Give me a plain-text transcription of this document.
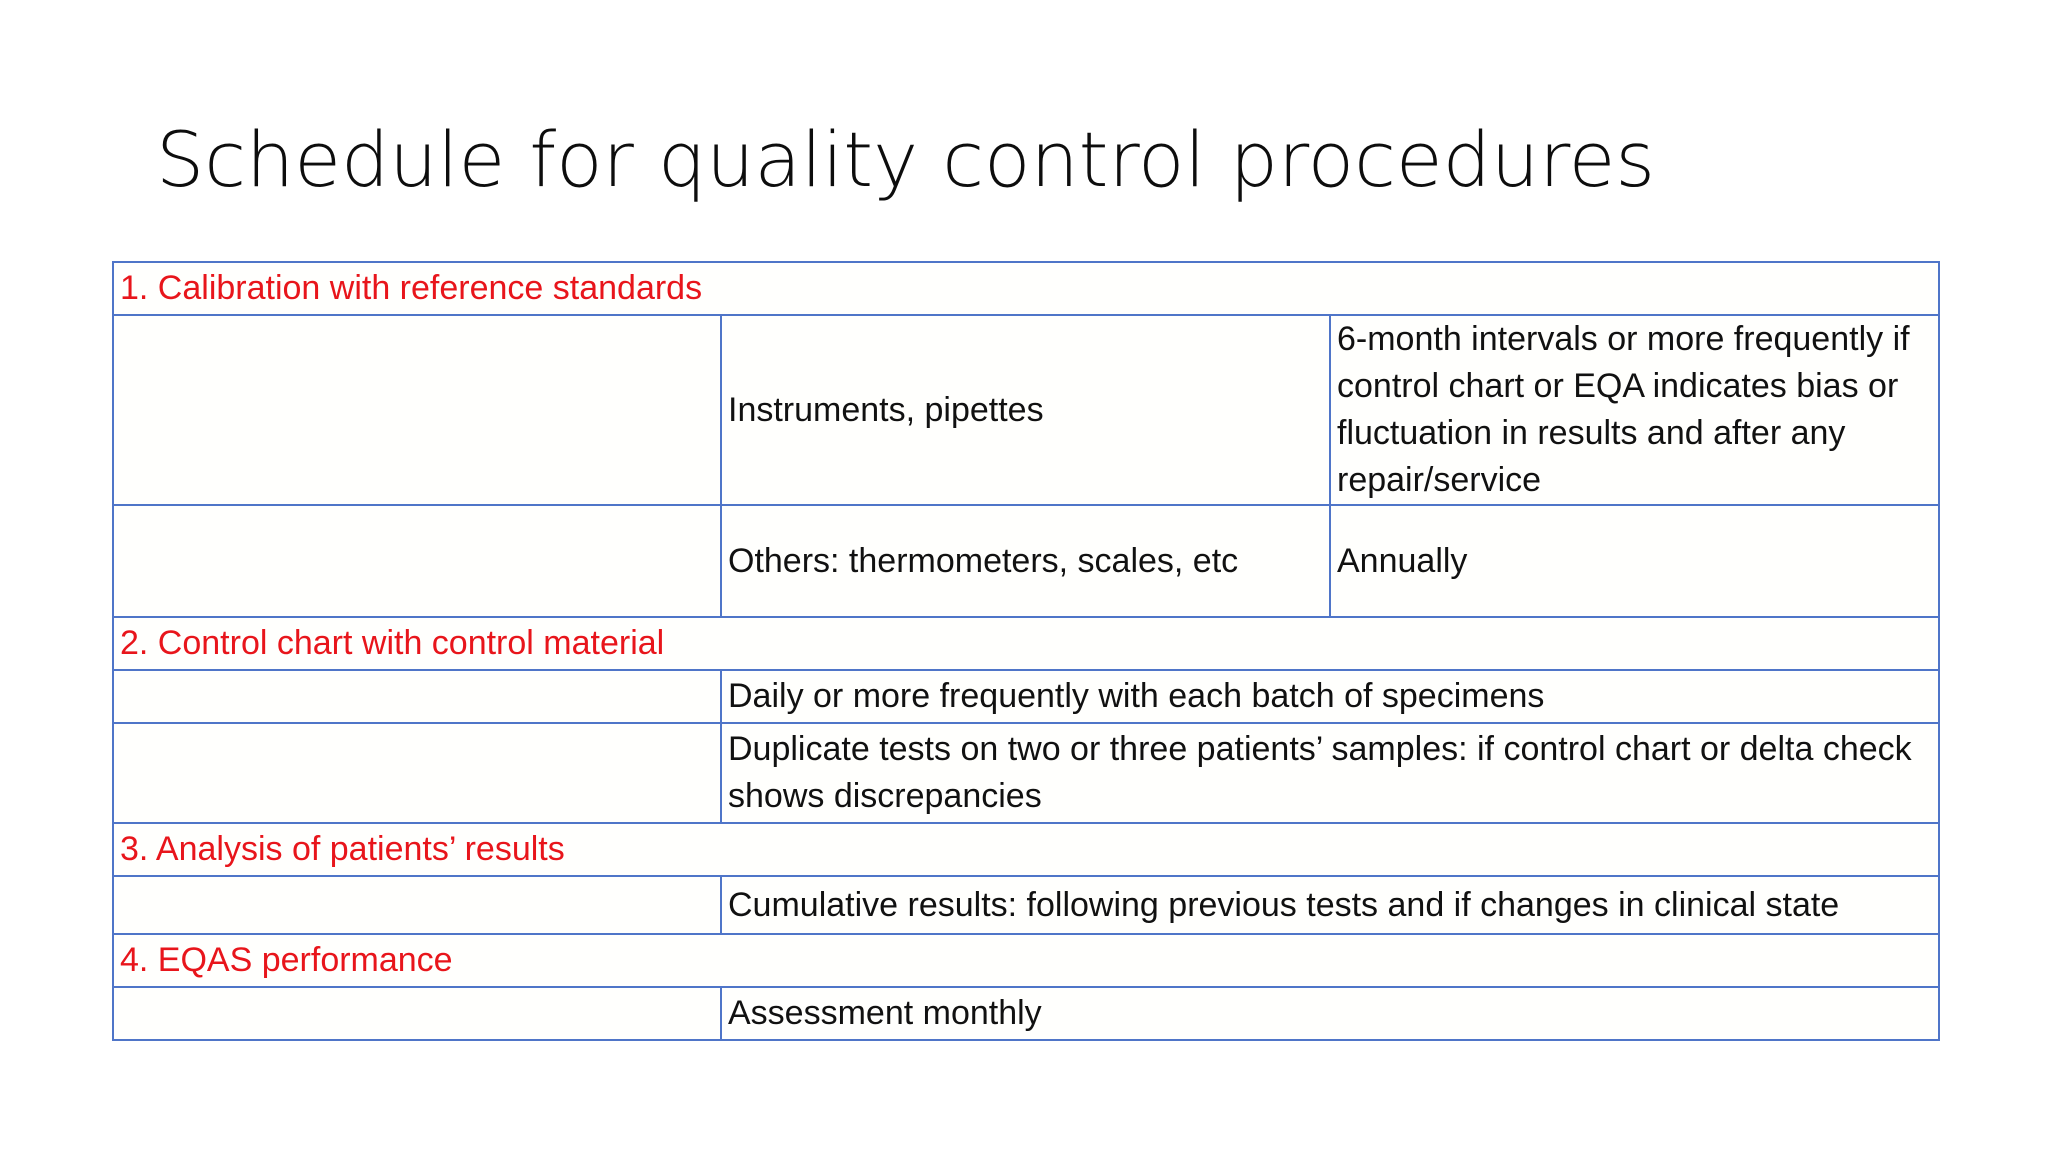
Schedule for quality control procedures
1. Calibration with reference standards		
	Instruments, pipettes	6-month intervals or more frequently if control chart or EQA indicates bias or fluctuation in results and after any repair/service
	Others: thermometers, scales, etc	Annually
2. Control chart with control material		
	Daily or more frequently with each batch of specimens	
	Duplicate tests on two or three patients’ samples: if control chart or delta check shows discrepancies	
3. Analysis of patients’ results		
	Cumulative results: following previous tests and if changes in clinical state	
4. EQAS performance		
	Assessment monthly	
